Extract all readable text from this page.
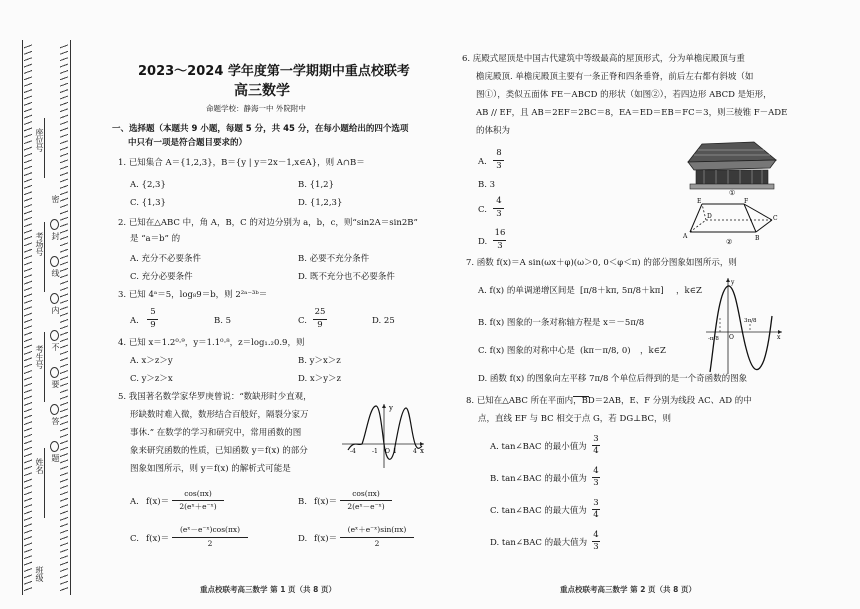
座位号
考场号
考生号
姓名
班级
密
封
线
内
不
要
答
题
2023～2024 学年度第一学期期中重点校联考
高三数学
命题学校：静海一中 外院附中
一、选择题（本题共 9 小题，每题 5 分，共 45 分，在每小题给出的四个选项
中只有一项是符合题目要求的）
1. 已知集合 A＝{1,2,3}，B＝{y | y＝2x－1,x∈A}，则 A∩B＝
A. {2,3}	B. {1,2}
C. {1,3}	D. {1,2,3}
2. 已知在△ABC 中，角 A，B，C 的对边分别为 a，b，c，则“sin2A＝sin2B”
是 “a＝b” 的
A. 充分不必要条件	B. 必要不充分条件
C. 充分必要条件	D. 既不充分也不必要条件
3. 已知 4ᵃ＝5，log₈9＝b，则 2²ᵃ⁻³ᵇ＝
A.
5
9	B. 5	C.
25
9	D. 25
4. 已知 x＝1.2⁰·⁹，y＝1.1⁰·⁸，z＝log₁.₂0.9，则
A. x＞z＞y	B. y＞x＞z
C. y＞z＞x	D. x＞y＞z
5. 我国著名数学家华罗庚曾说：“数缺形时少直观，
形缺数时难入微，数形结合百般好，隔裂分家万
事休.” 在数学的学习和研究中，常用函数的图
象来研究函数的性质，已知函数 y＝f(x) 的部分
图象如图所示，则 y＝f(x) 的解析式可能是
y
x
-4	-1 O 1	4
A. f(x)＝
cos(πx)
2(eˣ＋e⁻ˣ)	B. f(x)＝
cos(πx)
2(eˣ－e⁻ˣ)
C. f(x)＝
(eˣ－e⁻ˣ)cos(πx)
2	D. f(x)＝
(eˣ＋e⁻ˣ)sin(πx)
2
重点校联考高三数学 第 1 页（共 8 页）
6. 庑殿式屋顶是中国古代建筑中等级最高的屋顶形式，分为单檐庑殿顶与重
檐庑殿顶. 单檐庑殿顶主要有一条正脊和四条垂脊，前后左右都有斜坡（如
图①），类似五面体 FE－ABCD 的形状（如图②），若四边形 ABCD 是矩形，
AB // EF，且 AB＝2EF＝2BC＝8，EA＝ED＝EB＝FC＝3，则三棱锥 F－ADE
的体积为
A.
8
3
B. 3
C.
4
3
D.
16
3
①
E	F
A	B
C
D
②
7. 函数 f(x)＝A sin(ωx＋φ)(ω＞0, 0＜φ＜π) 的部分图象如图所示，则
A. f(x) 的单调递增区间是 [π/8＋kπ, 5π/8＋kπ] ，k∈Z
B. f(x) 图象的一条对称轴方程是 x＝－5π/8
C. f(x) 图象的对称中心是 (kπ－π/8, 0) ，k∈Z
D. 函数 f(x) 的图象向左平移 7π/8 个单位后得到的是一个奇函数的图象
y
O
-π/8
3π/8
x
8. 已知在△ABC 所在平面内，BD＝2AB，E、F 分别为线段 AC、AD 的中
点，直线 EF 与 BC 相交于点 G，若 DG⊥BC，则
A. tan∠BAC 的最小值为
3
4
B. tan∠BAC 的最小值为
4
3
C. tan∠BAC 的最大值为
3
4
D. tan∠BAC 的最大值为
4
3
重点校联考高三数学 第 2 页（共 8 页）
